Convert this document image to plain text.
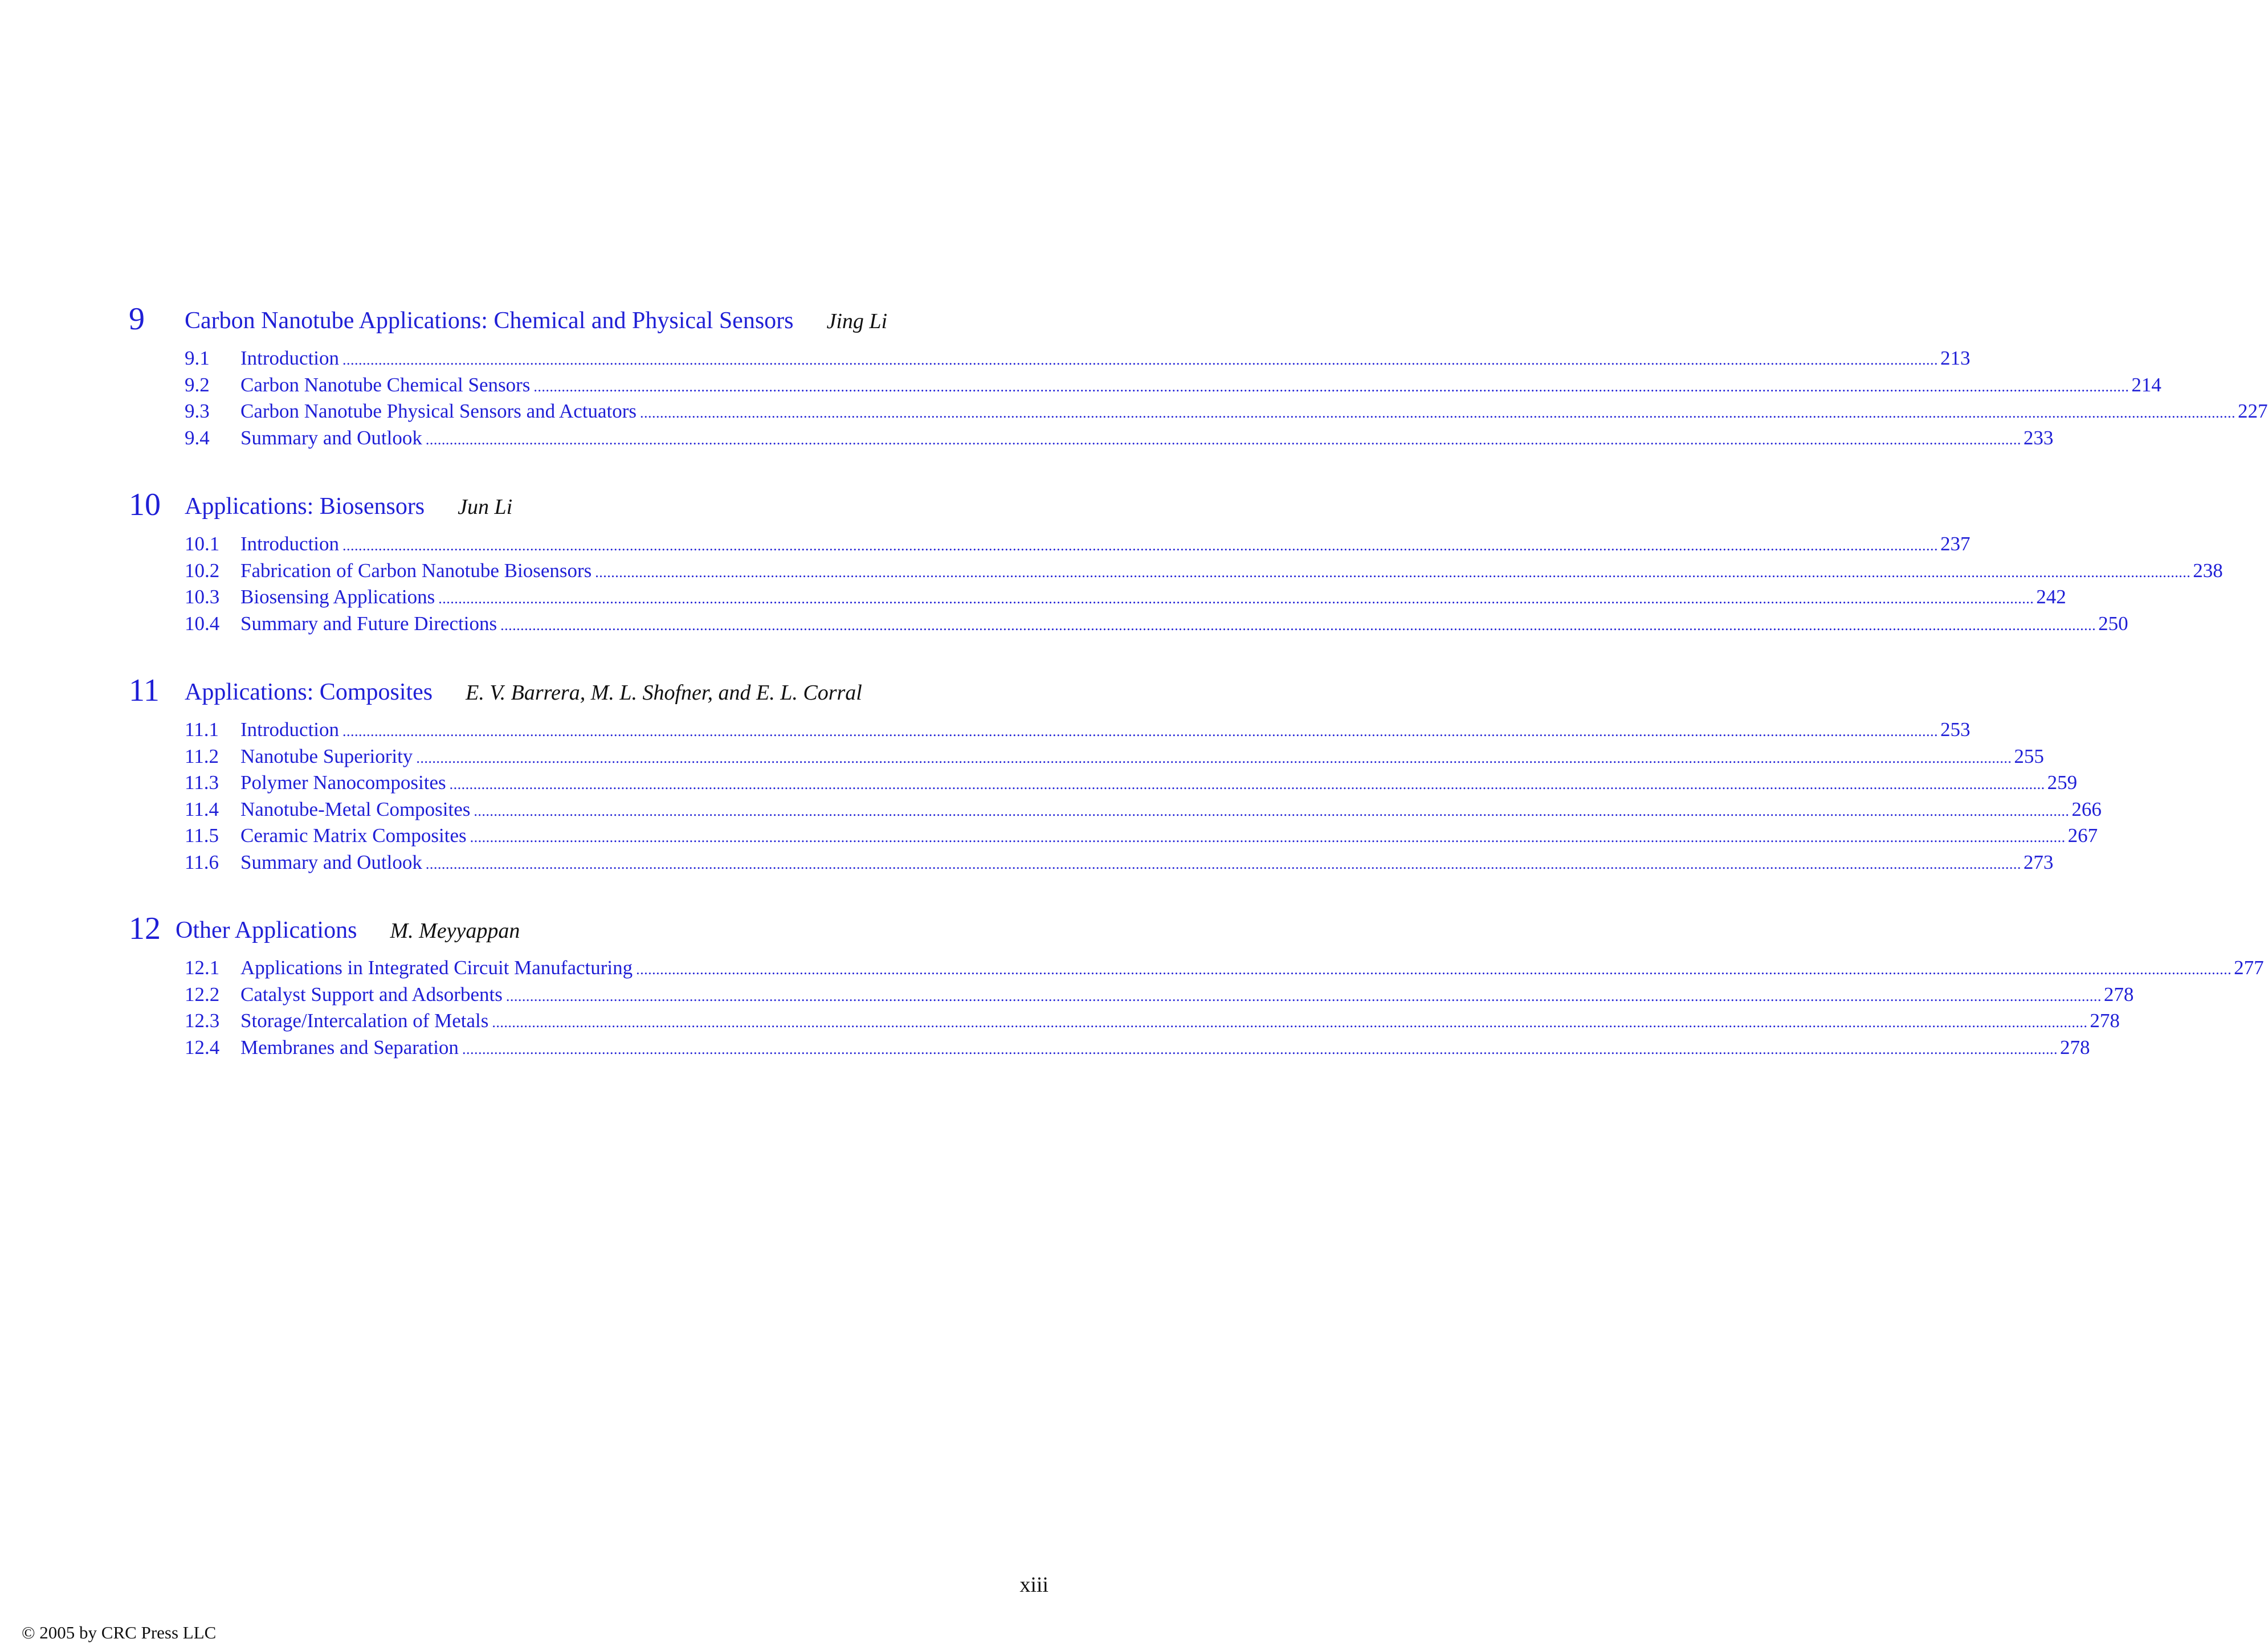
9 Carbon Nanotube Applications: Chemical and Physical Sensors Jing Li
9.1 Introduction ................................................................................................................................................................................................................................................................................................................................................................................................................ 213
9.2 Carbon Nanotube Chemical Sensors ................................................................................................................................................................................................................................................................................................................................................................................................................ 214
9.3 Carbon Nanotube Physical Sensors and Actuators ................................................................................................................................................................................................................................................................................................................................................................................................................ 227
9.4 Summary and Outlook ................................................................................................................................................................................................................................................................................................................................................................................................................ 233
10 Applications: Biosensors Jun Li
10.1 Introduction ................................................................................................................................................................................................................................................................................................................................................................................................................ 237
10.2 Fabrication of Carbon Nanotube Biosensors ................................................................................................................................................................................................................................................................................................................................................................................................................ 238
10.3 Biosensing Applications ................................................................................................................................................................................................................................................................................................................................................................................................................ 242
10.4 Summary and Future Directions ................................................................................................................................................................................................................................................................................................................................................................................................................ 250
11 Applications: Composites E. V. Barrera, M. L. Shofner, and E. L. Corral
11.1 Introduction ................................................................................................................................................................................................................................................................................................................................................................................................................ 253
11.2 Nanotube Superiority ................................................................................................................................................................................................................................................................................................................................................................................................................ 255
11.3 Polymer Nanocomposites ................................................................................................................................................................................................................................................................................................................................................................................................................ 259
11.4 Nanotube-Metal Composites ................................................................................................................................................................................................................................................................................................................................................................................................................ 266
11.5 Ceramic Matrix Composites ................................................................................................................................................................................................................................................................................................................................................................................................................ 267
11.6 Summary and Outlook ................................................................................................................................................................................................................................................................................................................................................................................................................ 273
12 Other Applications M. Meyyappan
12.1 Applications in Integrated Circuit Manufacturing ................................................................................................................................................................................................................................................................................................................................................................................................................ 277
12.2 Catalyst Support and Adsorbents ................................................................................................................................................................................................................................................................................................................................................................................................................ 278
12.3 Storage/Intercalation of Metals ................................................................................................................................................................................................................................................................................................................................................................................................................ 278
12.4 Membranes and Separation ................................................................................................................................................................................................................................................................................................................................................................................................................ 278
xiii
© 2005 by CRC Press LLC
